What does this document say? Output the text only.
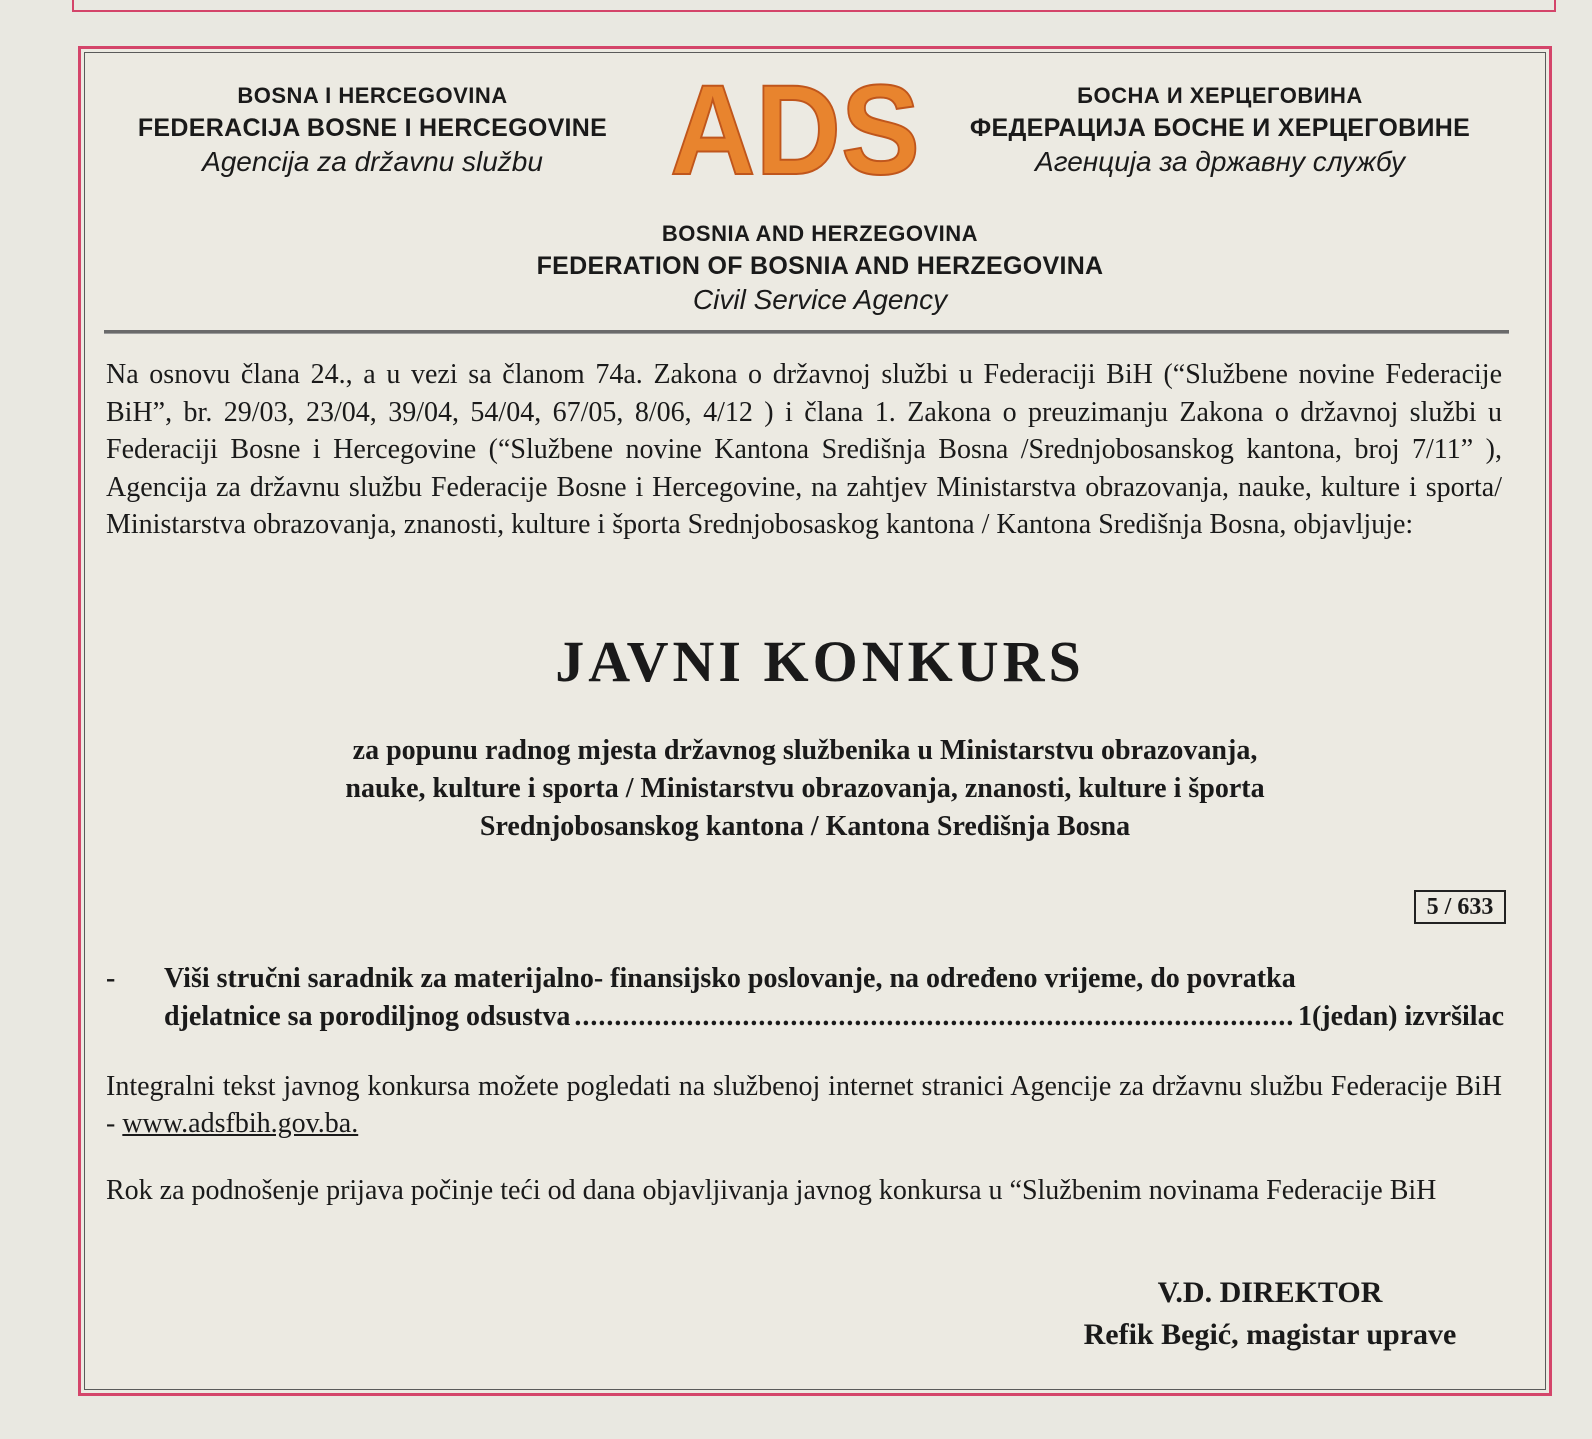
BOSNA I HERCEGOVINA
FEDERACIJA BOSNE I HERCEGOVINE
Agencija za državnu službu ADS	БОСНА И ХЕРЦЕГОВИНА
ФЕДЕРАЦИЈА БОСНЕ И ХЕРЦЕГОВИНЕ
Агенција за државну службу
BOSNIA AND HERZEGOVINA
FEDERATION OF BOSNIA AND HERZEGOVINA
Civil Service Agency
Na osnovu člana 24., a u vezi sa članom 74a. Zakona o državnoj službi u Federaciji BiH (“Službene novine Federacije BiH”, br. 29/03, 23/04, 39/04, 54/04, 67/05, 8/06, 4/12 ) i člana 1. Zakona o preuzimanju Zakona o državnoj službi u Federaciji Bosne i Hercegovine (“Službene novine Kantona Središnja Bosna /Srednjobosanskog kantona, broj 7/11” ), Agencija za državnu službu Federacije Bosne i Hercegovine, na zahtjev Ministarstva obrazovanja, nauke, kulture i sporta/ Ministarstva obrazovanja, znanosti, kulture i športa Srednjobosaskog kantona / Kantona Središnja Bosna, objavljuje:
JAVNI KONKURS
za popunu radnog mjesta državnog službenika u Ministarstvu obrazovanja,
nauke, kulture i sporta / Ministarstvu obrazovanja, znanosti, kulture i športa
Srednjobosanskog kantona / Kantona Središnja Bosna
5 / 633
-	Viši stručni saradnik za materijalno- finansijsko poslovanje, na određeno vrijeme, do povratka
djelatnice sa porodiljnog odsustva
.....	1(jedan) izvršilac
Integralni tekst javnog konkursa možete pogledati na službenoj internet stranici Agencije za državnu službu Federacije BiH - www.adsfbih.gov.ba.
Rok za podnošenje prijava počinje teći od dana objavljivanja javnog konkursa u “Službenim novinama Federacije BiH
V.D. DIREKTOR
Refik Begić, magistar uprave
